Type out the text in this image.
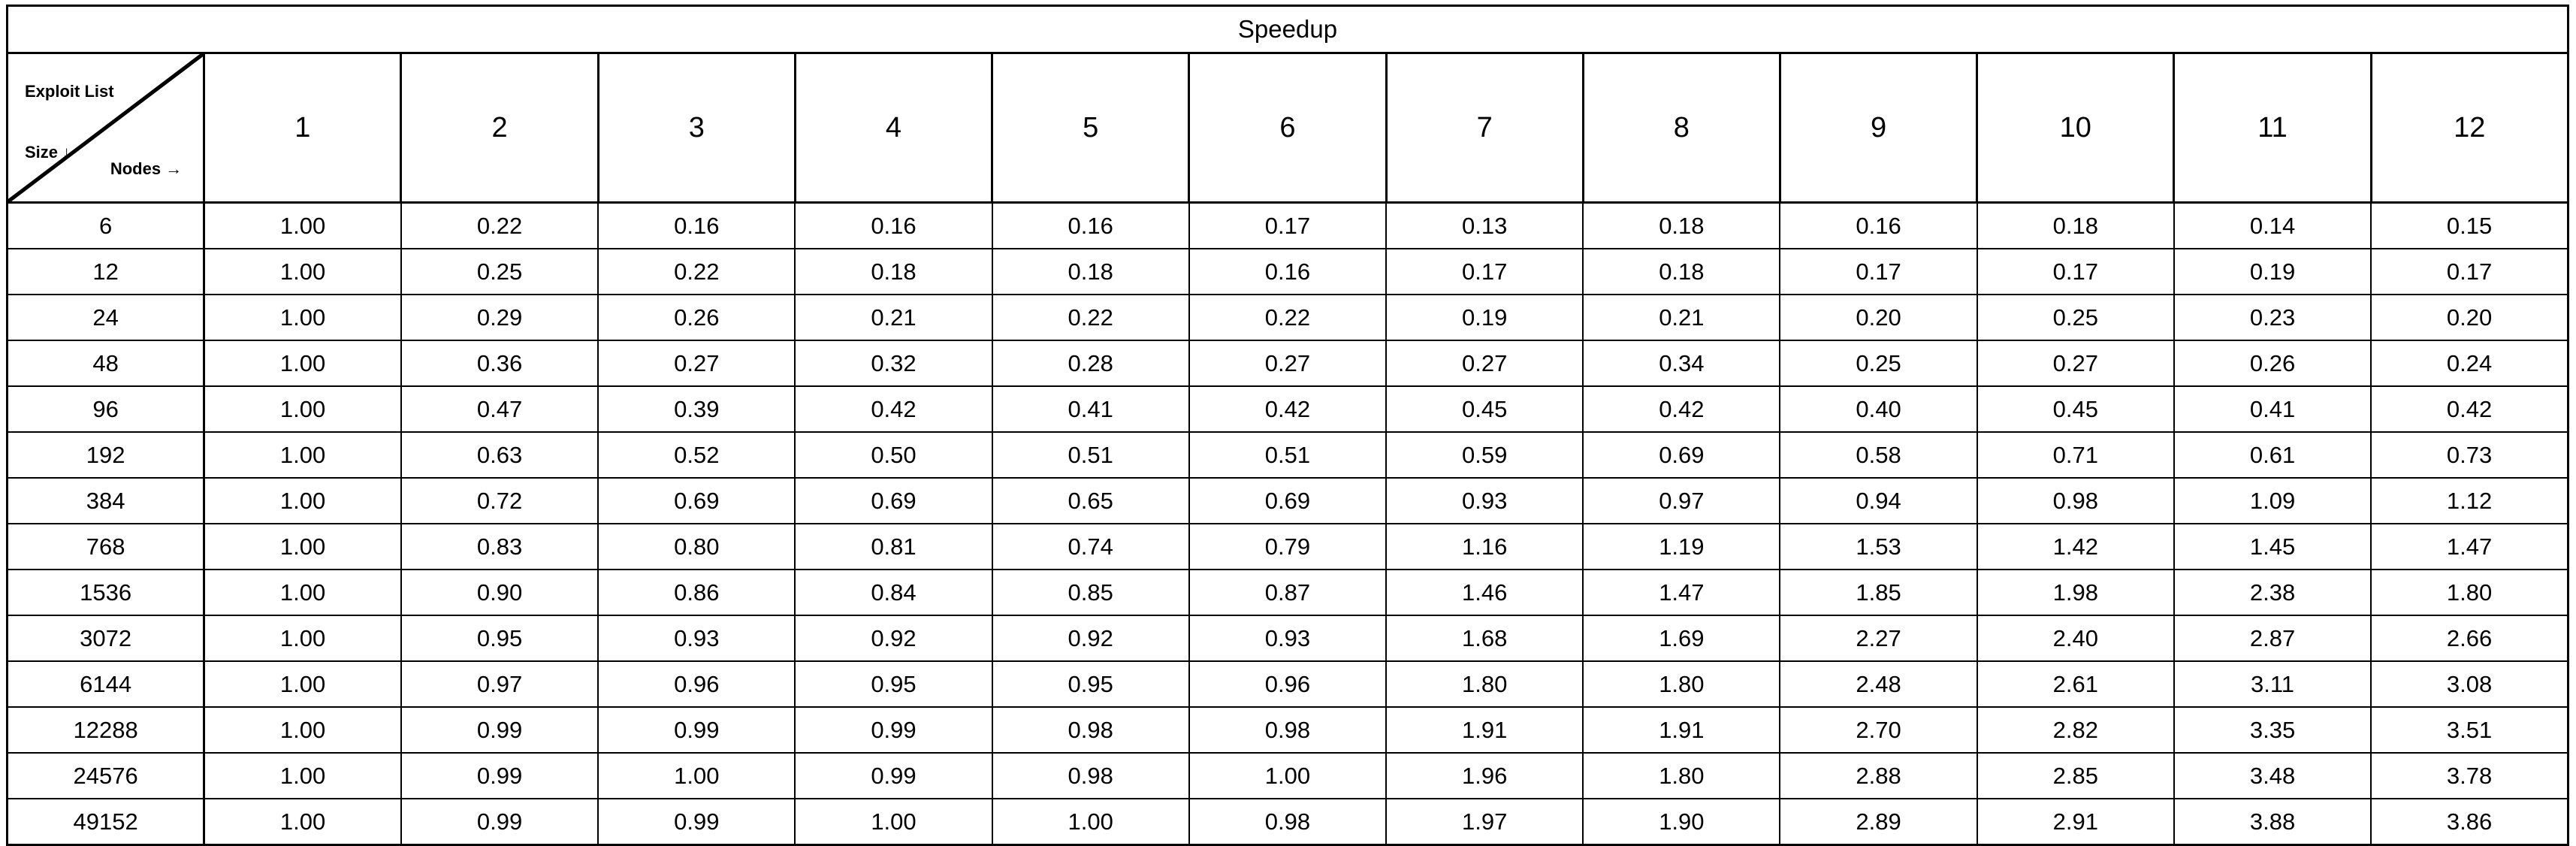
Speedup												

Exploit List
Size ↓
Nodes →	1	2	3	4	5	6	7	8	9	10	11	12
6	1.00	0.22	0.16	0.16	0.16	0.17	0.13	0.18	0.16	0.18	0.14	0.15
12	1.00	0.25	0.22	0.18	0.18	0.16	0.17	0.18	0.17	0.17	0.19	0.17
24	1.00	0.29	0.26	0.21	0.22	0.22	0.19	0.21	0.20	0.25	0.23	0.20
48	1.00	0.36	0.27	0.32	0.28	0.27	0.27	0.34	0.25	0.27	0.26	0.24
96	1.00	0.47	0.39	0.42	0.41	0.42	0.45	0.42	0.40	0.45	0.41	0.42
192	1.00	0.63	0.52	0.50	0.51	0.51	0.59	0.69	0.58	0.71	0.61	0.73
384	1.00	0.72	0.69	0.69	0.65	0.69	0.93	0.97	0.94	0.98	1.09	1.12
768	1.00	0.83	0.80	0.81	0.74	0.79	1.16	1.19	1.53	1.42	1.45	1.47
1536	1.00	0.90	0.86	0.84	0.85	0.87	1.46	1.47	1.85	1.98	2.38	1.80
3072	1.00	0.95	0.93	0.92	0.92	0.93	1.68	1.69	2.27	2.40	2.87	2.66
6144	1.00	0.97	0.96	0.95	0.95	0.96	1.80	1.80	2.48	2.61	3.11	3.08
12288	1.00	0.99	0.99	0.99	0.98	0.98	1.91	1.91	2.70	2.82	3.35	3.51
24576	1.00	0.99	1.00	0.99	0.98	1.00	1.96	1.80	2.88	2.85	3.48	3.78
49152	1.00	0.99	0.99	1.00	1.00	0.98	1.97	1.90	2.89	2.91	3.88	3.86
